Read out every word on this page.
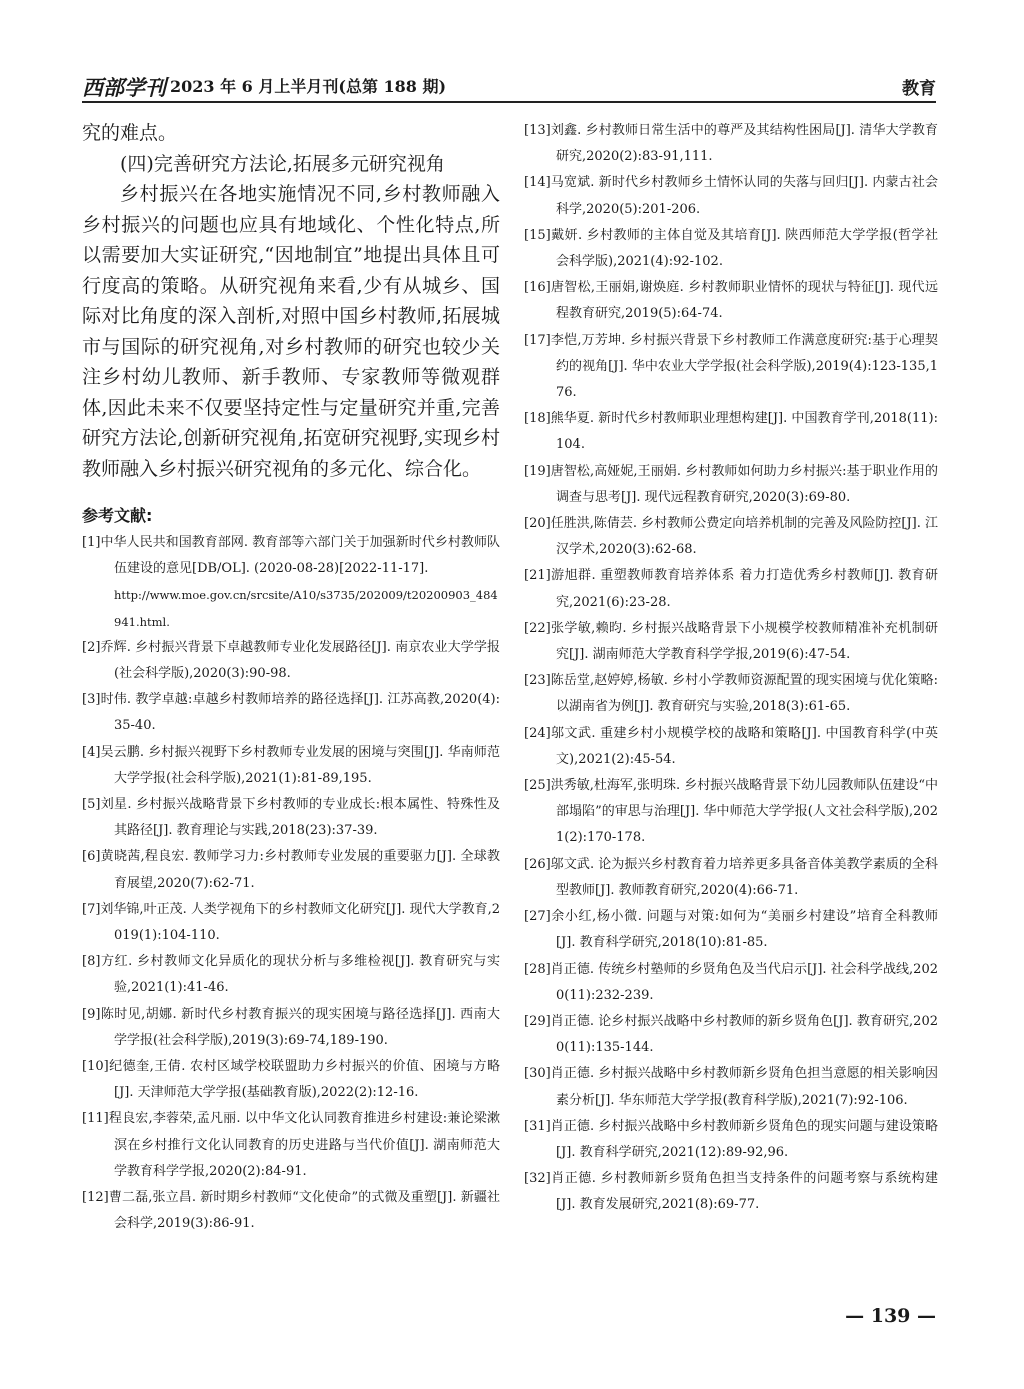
西部学刊 2023 年 6 月上半月刊(总第 188 期)	教育

究的难点。

(四)完善研究方法论,拓展多元研究视角

乡村振兴在各地实施情况不同,乡村教师融入乡村振兴的问题也应具有地域化、个性化特点,所以需要加大实证研究,“因地制宜”地提出具体且可行度高的策略。从研究视角来看,少有从城乡、国际对比角度的深入剖析,对照中国乡村教师,拓展城市与国际的研究视角,对乡村教师的研究也较少关注乡村幼儿教师、新手教师、专家教师等微观群体,因此未来不仅要坚持定性与定量研究并重,完善研究方法论,创新研究视角,拓宽研究视野,实现乡村教师融入乡村振兴研究视角的多元化、综合化。

参考文献:

[1]中华人民共和国教育部网. 教育部等六部门关于加强新时代乡村教师队伍建设的意见[DB/OL]. (2020-08-28)[2022-11-17].
http://www.moe.gov.cn/srcsite/A10/s3735/202009/t20200903_484941.html.

[2]乔辉. 乡村振兴背景下卓越教师专业化发展路径[J]. 南京农业大学学报(社会科学版),2020(3):90-98.

[3]时伟. 教学卓越:卓越乡村教师培养的路径选择[J]. 江苏高教,2020(4):35-40.

[4]吴云鹏. 乡村振兴视野下乡村教师专业发展的困境与突围[J]. 华南师范大学学报(社会科学版),2021(1):81-89,195.

[5]刘星. 乡村振兴战略背景下乡村教师的专业成长:根本属性、特殊性及其路径[J]. 教育理论与实践,2018(23):37-39.

[6]黄晓茜,程良宏. 教师学习力:乡村教师专业发展的重要驱力[J]. 全球教育展望,2020(7):62-71.

[7]刘华锦,叶正茂. 人类学视角下的乡村教师文化研究[J]. 现代大学教育,2019(1):104-110.

[8]方红. 乡村教师文化异质化的现状分析与多维检视[J]. 教育研究与实验,2021(1):41-46.

[9]陈时见,胡娜. 新时代乡村教育振兴的现实困境与路径选择[J]. 西南大学学报(社会科学版),2019(3):69-74,189-190.

[10]纪德奎,王倩. 农村区域学校联盟助力乡村振兴的价值、困境与方略[J]. 天津师范大学学报(基础教育版),2022(2):12-16.

[11]程良宏,李蓉荣,孟凡丽. 以中华文化认同教育推进乡村建设:兼论梁漱溟在乡村推行文化认同教育的历史进路与当代价值[J]. 湖南师范大学教育科学学报,2020(2):84-91.

[12]曹二磊,张立昌. 新时期乡村教师“文化使命”的式微及重塑[J]. 新疆社会科学,2019(3):86-91.

[13]刘鑫. 乡村教师日常生活中的尊严及其结构性困局[J]. 清华大学教育研究,2020(2):83-91,111.

[14]马宽斌. 新时代乡村教师乡土情怀认同的失落与回归[J]. 内蒙古社会科学,2020(5):201-206.

[15]戴妍. 乡村教师的主体自觉及其培育[J]. 陕西师范大学学报(哲学社会科学版),2021(4):92-102.

[16]唐智松,王丽娟,谢焕庭. 乡村教师职业情怀的现状与特征[J]. 现代远程教育研究,2019(5):64-74.

[17]李恺,万芳坤. 乡村振兴背景下乡村教师工作满意度研究:基于心理契约的视角[J]. 华中农业大学学报(社会科学版),2019(4):123-135,176.

[18]熊华夏. 新时代乡村教师职业理想构建[J]. 中国教育学刊,2018(11):104.

[19]唐智松,高娅妮,王丽娟. 乡村教师如何助力乡村振兴:基于职业作用的调查与思考[J]. 现代远程教育研究,2020(3):69-80.

[20]任胜洪,陈倩芸. 乡村教师公费定向培养机制的完善及风险防控[J]. 江汉学术,2020(3):62-68.

[21]游旭群. 重塑教师教育培养体系 着力打造优秀乡村教师[J]. 教育研究,2021(6):23-28.

[22]张学敏,赖昀. 乡村振兴战略背景下小规模学校教师精准补充机制研究[J]. 湖南师范大学教育科学学报,2019(6):47-54.

[23]陈岳堂,赵婷婷,杨敏. 乡村小学教师资源配置的现实困境与优化策略:以湖南省为例[J]. 教育研究与实验,2018(3):61-65.

[24]邬文武. 重建乡村小规模学校的战略和策略[J]. 中国教育科学(中英文),2021(2):45-54.

[25]洪秀敏,杜海军,张明珠. 乡村振兴战略背景下幼儿园教师队伍建设“中部塌陷”的审思与治理[J]. 华中师范大学学报(人文社会科学版),2021(2):170-178.

[26]邬文武. 论为振兴乡村教育着力培养更多具备音体美教学素质的全科型教师[J]. 教师教育研究,2020(4):66-71.

[27]余小红,杨小微. 问题与对策:如何为“美丽乡村建设”培育全科教师[J]. 教育科学研究,2018(10):81-85.

[28]肖正德. 传统乡村塾师的乡贤角色及当代启示[J]. 社会科学战线,2020(11):232-239.

[29]肖正德. 论乡村振兴战略中乡村教师的新乡贤角色[J]. 教育研究,2020(11):135-144.

[30]肖正德. 乡村振兴战略中乡村教师新乡贤角色担当意愿的相关影响因素分析[J]. 华东师范大学学报(教育科学版),2021(7):92-106.

[31]肖正德. 乡村振兴战略中乡村教师新乡贤角色的现实问题与建设策略[J]. 教育科学研究,2021(12):89-92,96.

[32]肖正德. 乡村教师新乡贤角色担当支持条件的问题考察与系统构建[J]. 教育发展研究,2021(8):69-77.

— 139 —
